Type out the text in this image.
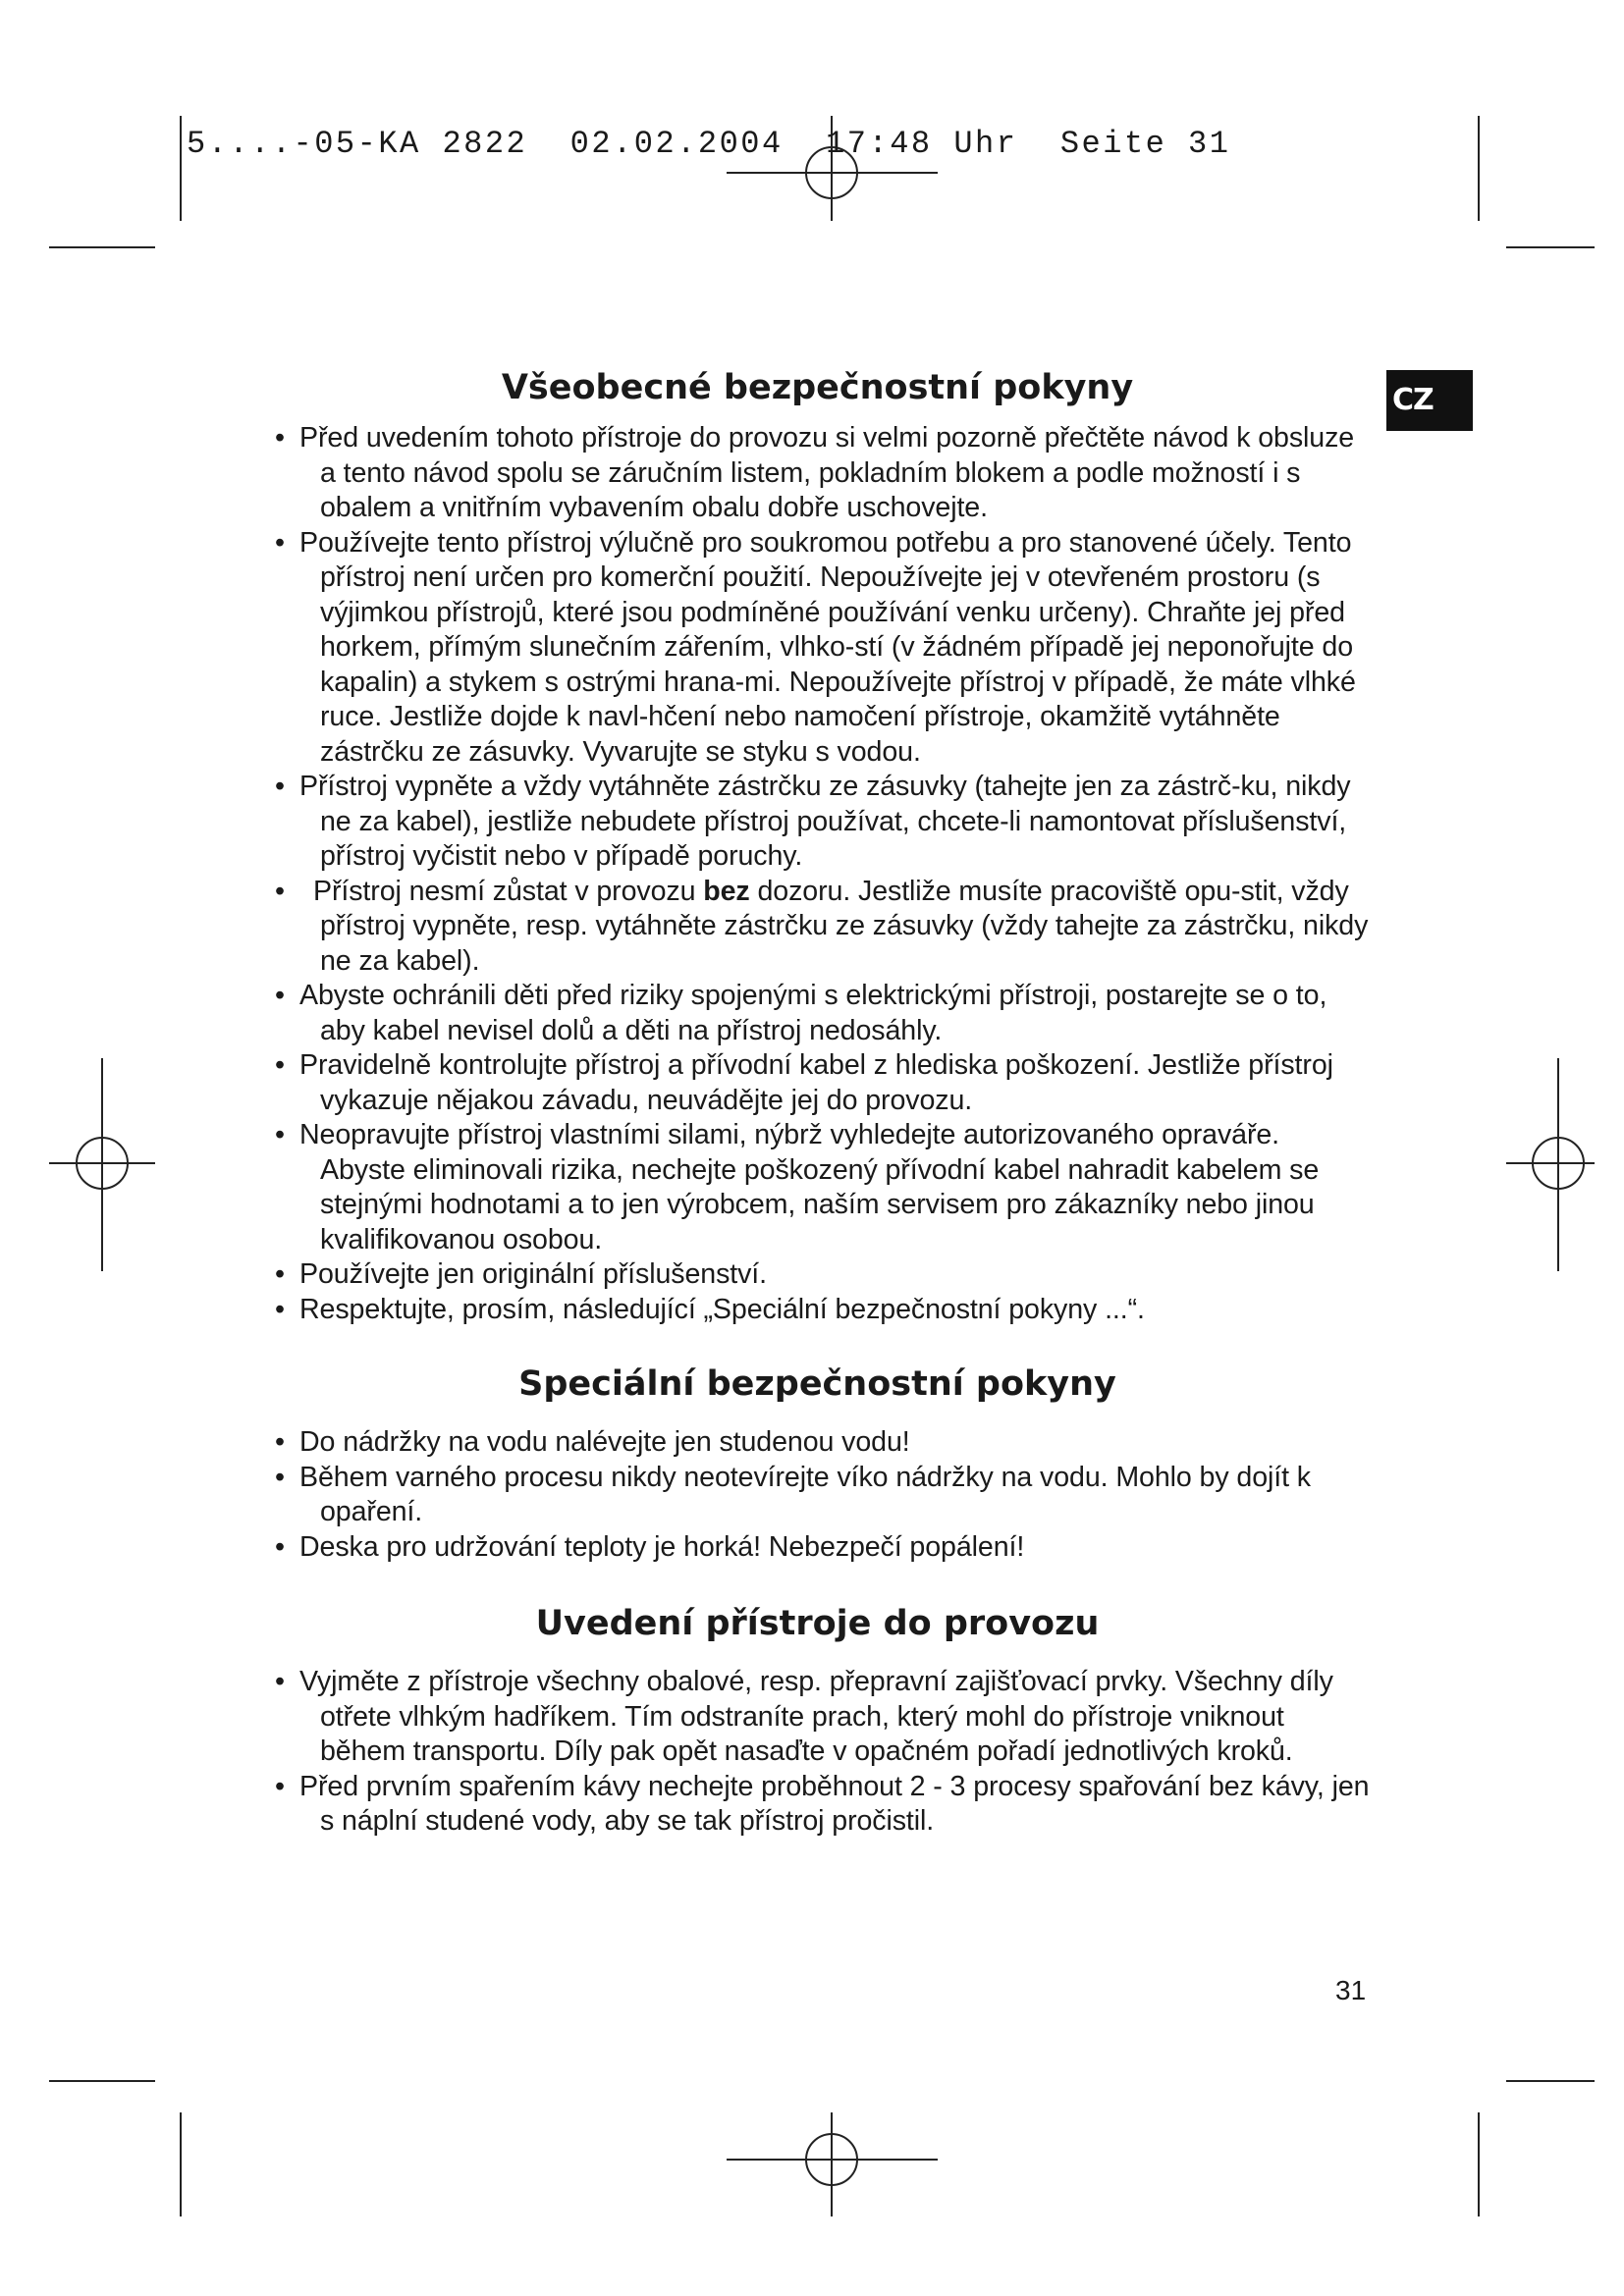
5....-05-KA 2822  02.02.2004  17:48 Uhr  Seite 31
CZ
Všeobecné bezpečnostní pokyny
• Před uvedením tohoto přístroje do provozu si velmi pozorně přečtěte návod k obsluze a tento návod spolu se záručním listem, pokladním blokem a podle možností i s obalem a vnitřním vybavením obalu dobře uschovejte.
• Používejte tento přístroj výlučně pro soukromou potřebu a pro stanovené účely. Tento přístroj není určen pro komerční použití. Nepoužívejte jej v otevřeném prostoru (s výjimkou přístrojů, které jsou podmíněné používání venku určeny). Chraňte jej před horkem, přímým slunečním zářením, vlhko-stí (v žádném případě jej neponořujte do kapalin) a stykem s ostrými hrana-mi. Nepoužívejte přístroj v případě, že máte vlhké ruce. Jestliže dojde k navl-hčení nebo namočení přístroje, okamžitě vytáhněte zástrčku ze zásuvky. Vyvarujte se styku s vodou.
• Přístroj vypněte a vždy vytáhněte zástrčku ze zásuvky (tahejte jen za zástrč-ku, nikdy ne za kabel), jestliže nebudete přístroj používat, chcete-li namontovat příslušenství, přístroj vyčistit nebo v případě poruchy.
•	Přístroj nesmí zůstat v provozu bez dozoru. Jestliže musíte pracoviště opu-stit, vždy přístroj vypněte, resp. vytáhněte zástrčku ze zásuvky (vždy tahejte za zástrčku, nikdy ne za kabel).
• Abyste ochránili děti před riziky spojenými s elektrickými přístroji, postarejte se o to, aby kabel nevisel dolů a děti na přístroj nedosáhly.
• Pravidelně kontrolujte přístroj a přívodní kabel z hlediska poškození. Jestliže přístroj vykazuje nějakou závadu, neuvádějte jej do provozu.
• Neopravujte přístroj vlastními silami, nýbrž vyhledejte autorizovaného opraváře. Abyste eliminovali rizika, nechejte poškozený přívodní kabel nahradit kabelem se stejnými hodnotami a to jen výrobcem, naším servisem pro zákazníky nebo jinou kvalifikovanou osobou.
• Používejte jen originální příslušenství.
• Respektujte, prosím, následující „Speciální bezpečnostní pokyny ...“.
Speciální bezpečnostní pokyny
• Do nádržky na vodu nalévejte jen studenou vodu!
• Během varného procesu nikdy neotevírejte víko nádržky na vodu. Mohlo by dojít k opaření.
• Deska pro udržování teploty je horká! Nebezpečí popálení!
Uvedení přístroje do provozu
• Vyjměte z přístroje všechny obalové, resp. přepravní zajišťovací prvky. Všechny díly otřete vlhkým hadříkem. Tím odstraníte prach, který mohl do přístroje vniknout během transportu. Díly pak opět nasaďte v opačném pořadí jednotlivých kroků.
• Před prvním spařením kávy nechejte proběhnout 2 - 3 procesy spařování bez kávy, jen s náplní studené vody, aby se tak přístroj pročistil.
31
